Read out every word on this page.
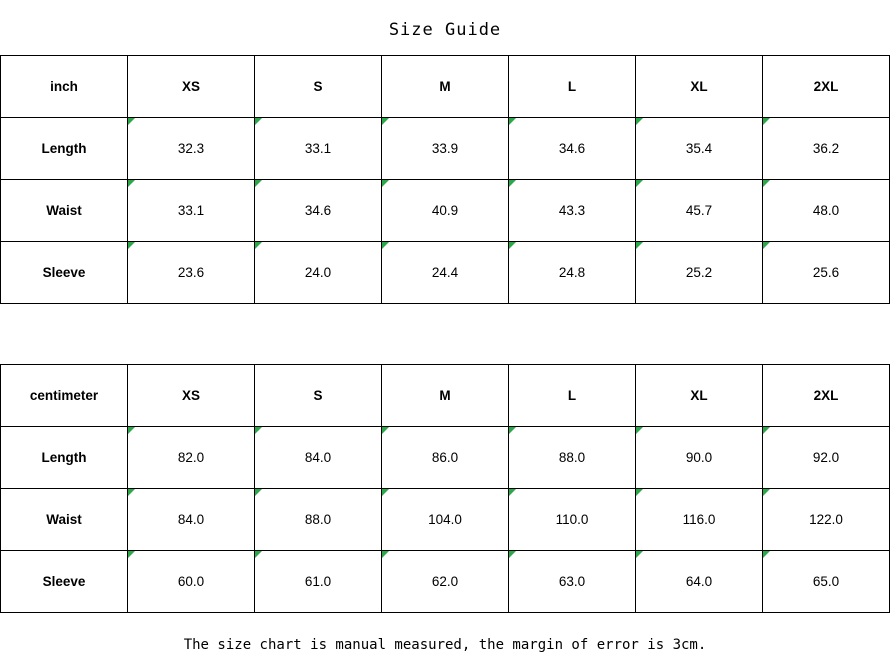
Size Guide
inch	XS	S	M	L	XL	2XL
Length	32.3	33.1	33.9	34.6	35.4	36.2
Waist	33.1	34.6	40.9	43.3	45.7	48.0
Sleeve	23.6	24.0	24.4	24.8	25.2	25.6
centimeter	XS	S	M	L	XL	2XL
Length	82.0	84.0	86.0	88.0	90.0	92.0
Waist	84.0	88.0	104.0	110.0	116.0	122.0
Sleeve	60.0	61.0	62.0	63.0	64.0	65.0
The size chart is manual measured, the margin of error is 3cm.
